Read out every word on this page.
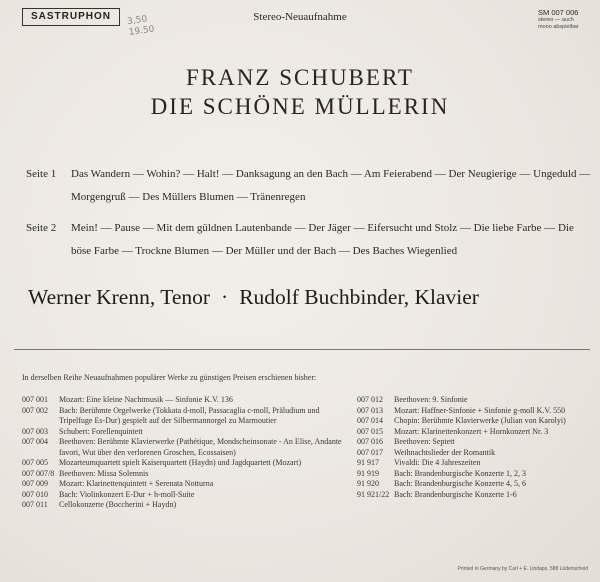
SASTRUPHON	3,50
19.50
Stereo-Neuaufnahme	SM 007 006
stereo — auch mono abspielbar
FRANZ SCHUBERT
DIE SCHÖNE MÜLLERIN
Seite 1	Das Wandern — Wohin? — Halt! — Danksagung an den Bach — Am Feierabend — Der Neugierige — Ungeduld — Morgengruß — Des Müllers Blumen — Tränenregen
Seite 2	Mein! — Pause — Mit dem güldnen Lautenbande — Der Jäger — Eifersucht und Stolz — Die liebe Farbe — Die böse Farbe — Trockne Blumen — Der Müller und der Bach — Des Baches Wiegenlied
Werner Krenn, Tenor · Rudolf Buchbinder, Klavier
In derselben Reihe Neuaufnahmen populärer Werke zu günstigen Preisen erschienen bisher:
007 001	Mozart: Eine kleine Nachtmusik — Sinfonie K.V. 136
007 002	Bach: Berühmte Orgelwerke (Tokkata d-moll, Passacaglia c-moll, Präludium und Tripelfuge Es-Dur) gespielt auf der Silbermannorgel zu Marmoutier
007 003	Schubert: Forellenquintett
007 004	Beethoven: Berühmte Klavierwerke (Pathétique, Mondscheinsonate - An Elise, Andante favori, Wut über den verlorenen Groschen, Ecossaisen)
007 005	Mozarteumquartett spielt Kaiserquartett (Haydn) und Jagdquartett (Mozart)
007 007/8 Beethoven: Missa Solemnis
007 009	Mozart: Klarinettenquintett + Serenata Notturna
007 010	Bach: Violinkonzert E-Dur + h-moll-Suite
007 011	Cellokonzerte (Boccherini + Haydn)
007 012	Beethoven: 9. Sinfonie
007 013	Mozart: Haffner-Sinfonie + Sinfonie g-moll K.V. 550
007 014	Chopin: Berühmte Klavierwerke (Julian von Karolyi)
007 015	Mozart: Klarinettenkonzert + Hornkonzert Nr. 3
007 016	Beethoven: Septett
007 017	Weihnachtslieder der Romantik
91 917	Vivaldi: Die 4 Jahreszeiten
91 919	Bach: Brandenburgische Konzerte 1, 2, 3
91 920	Bach: Brandenburgische Konzerte 4, 5, 6
91 921/22 Bach: Brandenburgische Konzerte 1-6
Printed in Germany by Carl + E. Lindaps, 588 Lüdenscheid
